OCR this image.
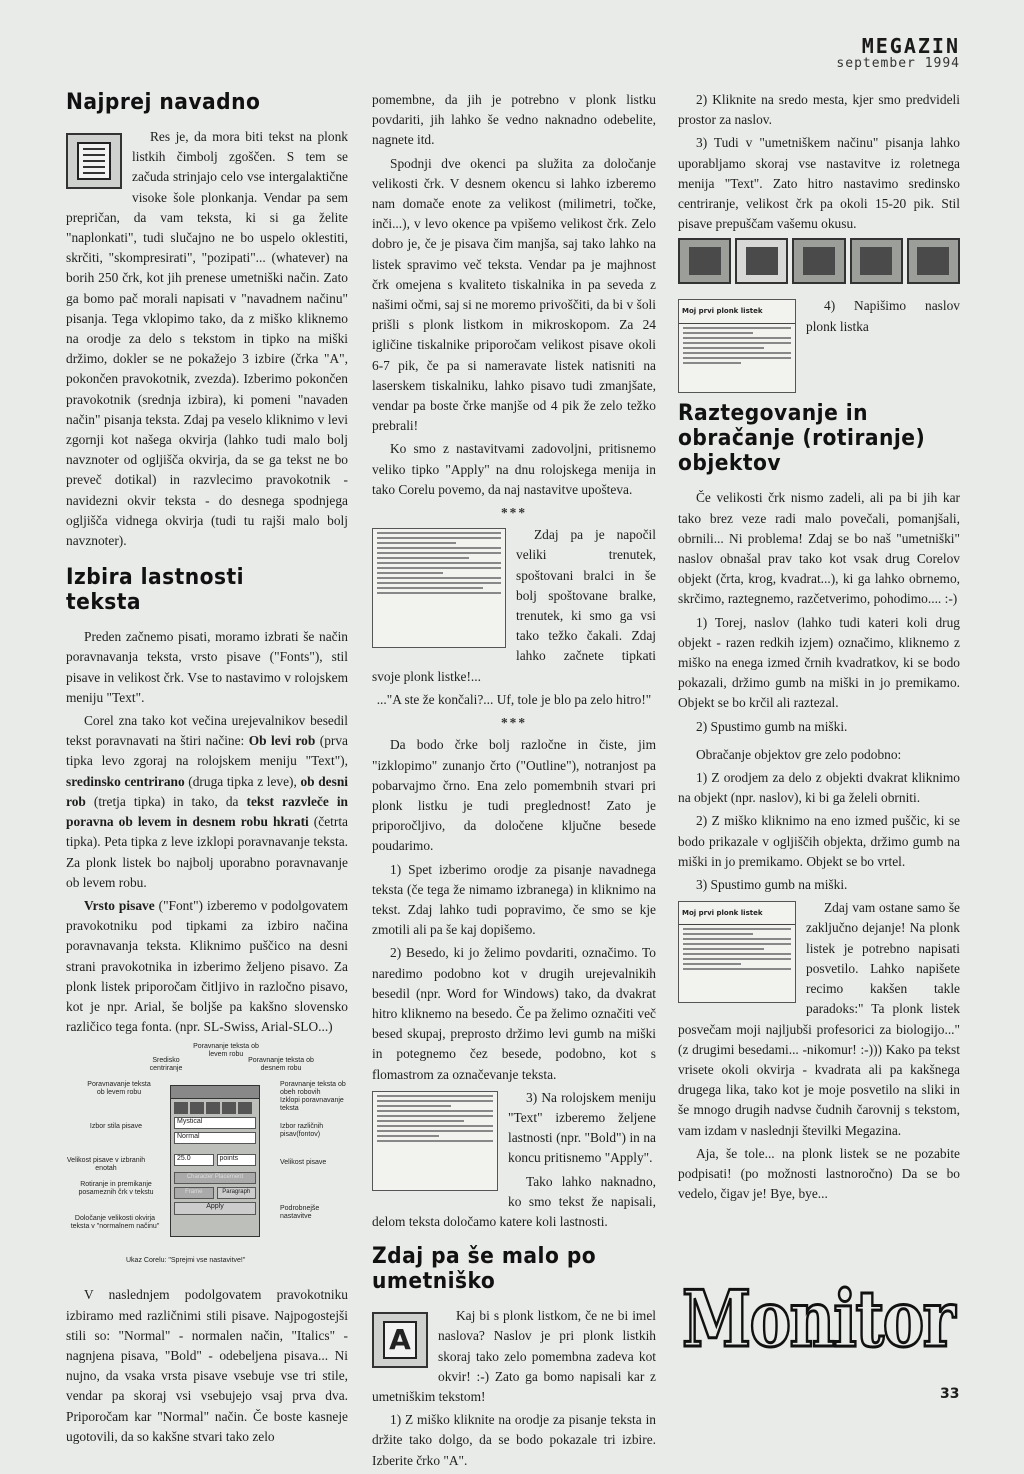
MEGAZIN
september 1994
Najprej navadno

Res je, da mora biti tekst na plonk listkih čimbolj zgoščen. S tem se začuda strinjajo celo vse intergalaktične visoke šole plonkanja. Vendar pa sem prepričan, da vam teksta, ki si ga želite "naplonkati", tudi slučajno ne bo uspelo oklestiti, skrčiti, "skompresirati", "pozipati"... (whatever) na borih 250 črk, kot jih prenese umetniški način. Zato ga bomo pač morali napisati v "navadnem načinu" pisanja. Tega vklopimo tako, da z miško kliknemo na orodje za delo s tekstom in tipko na miški držimo, dokler se ne pokažejo 3 izbire (črka "A", pokončen pravokotnik, zvezda). Izberimo pokončen pravokotnik (srednja izbira), ki pomeni "navaden način" pisanja teksta. Zdaj pa veselo kliknimo v levi zgornji kot našega okvirja (lahko tudi malo bolj navznoter od ogljišča okvirja, da se ga tekst ne bo preveč dotikal) in razvlecimo pravokotnik -navidezni okvir teksta - do desnega spodnjega ogljišča vidnega okvirja (tudi tu rajši malo bolj navznoter).

Izbira lastnosti teksta

Preden začnemo pisati, moramo izbrati še način poravnavanja teksta, vrsto pisave ("Fonts"), stil pisave in velikost črk. Vse to nastavimo v rolojskem meniju "Text".

Corel zna tako kot večina urejevalnikov besedil tekst poravnavati na štiri načine: Ob levi rob (prva tipka levo zgoraj na rolojskem meniju "Text"), sredinsko centrirano (druga tipka z leve), ob desni rob (tretja tipka) in tako, da tekst razvleče in poravna ob levem in desnem robu hkrati (četrta tipka). Peta tipka z leve izklopi poravnavanje teksta. Za plonk listek bo najbolj uporabno poravnavanje ob levem robu.

Vrsto pisave ("Font") izberemo v podolgovatem pravokotniku pod tipkami za izbiro načina poravnavanja teksta. Kliknimo puščico na desni strani pravokotnika in izberimo željeno pisavo. Za plonk listek priporočam čitljivo in razločno pisavo, kot je npr. Arial, še boljše pa kakšno slovensko različico tega fonta. (npr. SL-Swiss, Arial-SLO...)

Poravnanje teksta ob levem robu
Sredisko centriranje
Poravnanje teksta ob desnem robu
Poravnavanje teksta ob levem robu
Poravnanje teksta ob obeh robovih
Izklopi poravnavanje teksta
Izbor stila pisave	Izbor različnih pisav(fontov)
Velikost pisave v izbranih enotah
Velikost pisave
Rotiranje in premikanje posameznih črk v tekstu
Podrobnejše nastavitve
Določanje velikosti okvirja teksta v "normalnem načinu"
Mystical
Normal
25.0	points
Character Placement
Frame	Paragraph
Apply
Ukaz Corelu: "Sprejmi vse nastavitve!"

V naslednjem podolgovatem pravokotniku izbiramo med različnimi stili pisave. Najpogostejši stili so: "Normal" - normalen način, "Italics" - nagnjena pisava, "Bold" - odebeljena pisava... Ni nujno, da vsaka vrsta pisave vsebuje vse tri stile, vendar pa skoraj vsi vsebujejo vsaj prva dva. Priporočam kar "Normal" način. Če boste kasneje ugotovili, da so kakšne stvari tako zelo

pomembne, da jih je potrebno v plonk listku povdariti, jih lahko še vedno naknadno odebelite, nagnete itd.

Spodnji dve okenci pa služita za določanje velikosti črk. V desnem okencu si lahko izberemo nam domače enote za velikost (milimetri, točke, inči...), v levo okence pa vpišemo velikost črk. Zelo dobro je, če je pisava čim manjša, saj tako lahko na listek spravimo več teksta. Vendar pa je majhnost črk omejena s kvaliteto tiskalnika in pa seveda z našimi očmi, saj si ne moremo privoščiti, da bi v šoli prišli s plonk listkom in mikroskopom. Za 24 igličine tiskalnike priporočam velikost pisave okoli 6-7 pik, če pa si nameravate listek natisniti na laserskem tiskalniku, lahko pisavo tudi zmanjšate, vendar pa boste črke manjše od 4 pik že zelo težko prebrali!

Ko smo z nastavitvami zadovoljni, pritisnemo veliko tipko "Apply" na dnu rolojskega menija in tako Corelu povemo, da naj nastavitve upošteva.

***

Zdaj pa je napočil veliki trenutek, spoštovani bralci in še bolj spoštovane bralke, trenutek, ki smo ga vsi tako težko čakali. Zdaj lahko začnete tipkati svoje plonk listke!...

..."A ste že končali?... Uf, tole je blo pa zelo hitro!"

***

Da bodo črke bolj razločne in čiste, jim "izklopimo" zunanjo črto ("Outline"), notranjost pa pobarvajmo črno. Ena zelo pomembnih stvari pri plonk listku je tudi preglednost! Zato je priporočljivo, da določene ključne besede poudarimo.

1) Spet izberimo orodje za pisanje navadnega teksta (če tega že nimamo izbranega) in kliknimo na tekst. Zdaj lahko tudi popravimo, če smo se kje zmotili ali pa še kaj dopišemo.

2) Besedo, ki jo želimo povdariti, označimo. To naredimo podobno kot v drugih urejevalnikih besedil (npr. Word for Windows) tako, da dvakrat hitro kliknemo na besedo. Če pa želimo označiti več besed skupaj, preprosto držimo levi gumb na miški in potegnemo čez besede, podobno, kot s flomastrom za označevanje teksta.

3) Na rolojskem meniju "Text" izberemo željene lastnosti (npr. "Bold") in na koncu pritisnemo "Apply".

Tako lahko naknadno, ko smo tekst že napisali, delom teksta določamo katere koli lastnosti.

Zdaj pa še malo po umetniško
A

Kaj bi s plonk listkom, če ne bi imel naslova? Naslov je pri plonk listkih skoraj tako zelo pomembna zadeva kot okvir! :-) Zato ga bomo napisali kar z umetniškim tekstom!

1) Z miško kliknite na orodje za pisanje teksta in držite tako dolgo, da se bodo pokazale tri izbire. Izberite črko "A".

2) Kliknite na sredo mesta, kjer smo predvideli prostor za naslov.

3) Tudi v "umetniškem načinu" pisanja lahko uporabljamo skoraj vse nastavitve iz roletnega menija "Text". Zato hitro nastavimo sredinsko centriranje, velikost črk pa okoli 15-20 pik. Stil pisave prepuščam vašemu okusu.

Moj prvi plonk listek	4) Napišimo naslov plonk listka

Raztegovanje in obračanje (rotiranje) objektov

Če velikosti črk nismo zadeli, ali pa bi jih kar tako brez veze radi malo povečali, pomanjšali, obrnili... Ni problema! Zdaj se bo naš "umetniški" naslov obnašal prav tako kot vsak drug Corelov objekt (črta, krog, kvadrat...), ki ga lahko obrnemo, skrčimo, raztegnemo, razčetverimo, pohodimo.... :-)

1) Torej, naslov (lahko tudi kateri koli drug objekt - razen redkih izjem) označimo, kliknemo z miško na enega izmed črnih kvadratkov, ki se bodo pokazali, držimo gumb na miški in jo premikamo. Objekt se bo krčil ali raztezal.

2) Spustimo gumb na miški.

Obračanje objektov gre zelo podobno:

1) Z orodjem za delo z objekti dvakrat kliknimo na objekt (npr. naslov), ki bi ga želeli obrniti.

2) Z miško kliknimo na eno izmed puščic, ki se bodo prikazale v ogljiščih objekta, držimo gumb na miški in jo premikamo. Objekt se bo vrtel.

3) Spustimo gumb na miški.

Moj prvi plonk listek	Zdaj vam ostane samo še zaključno dejanje! Na plonk listek je potrebno napisati posvetilo. Lahko napišete recimo kakšen takle paradoks:" Ta plonk listek posvečam moji najljubši profesorici za biologijo..." (z drugimi besedami... -nikomur! :-))) Kako pa tekst vrisete okoli okvirja - kvadrata ali pa kakšnega drugega lika, tako kot je moje posvetilo na sliki in še mnogo drugih nadvse čudnih čarovnij s tekstom, vam izdam v naslednji številki Megazina.

Aja, še tole... na plonk listek se ne pozabite podpisati! (po možnosti lastnoročno) Da se bo vedelo, čigav je! Bye, bye...

Monitor
33
